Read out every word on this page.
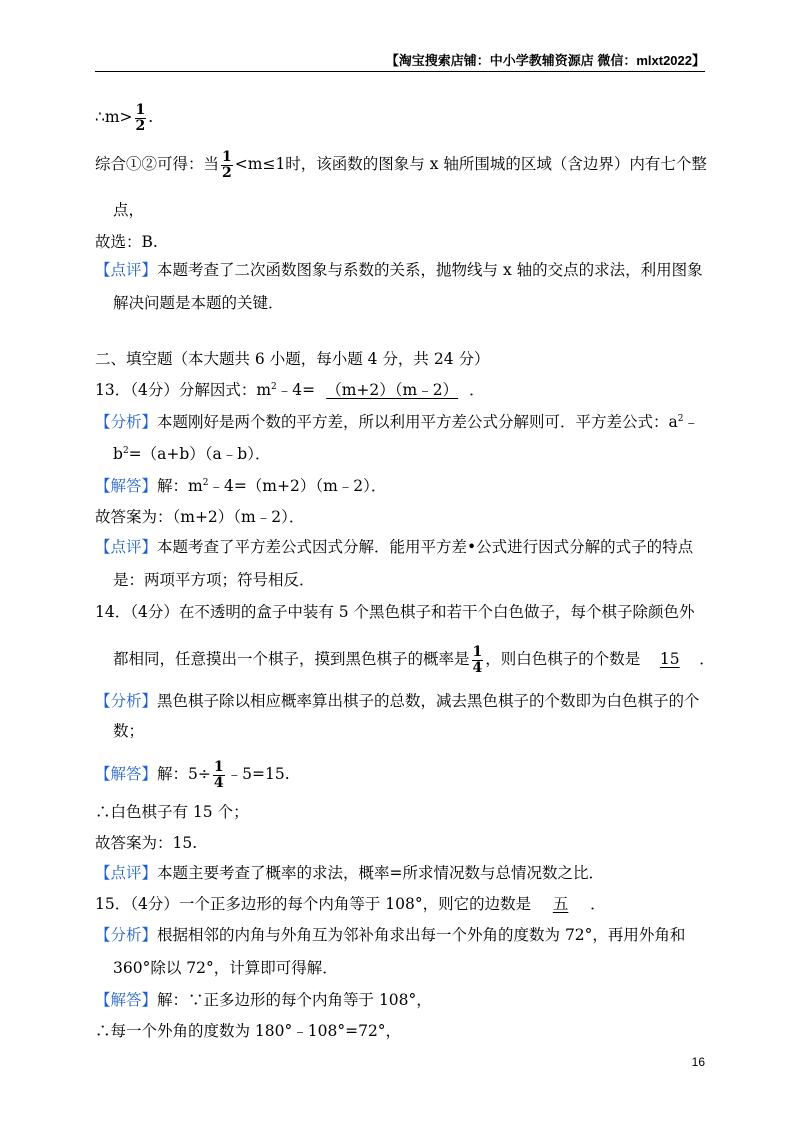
【淘宝搜索店铺：中小学教辅资源店 微信：mlxt2022】
∴m> $\frac{1}{2}$ .
综合①②可得：当 $\frac{1}{2} <m\le 1$时，该函数的图象与 x 轴所围城的区域（含边界）内有七个整
点，
故选：B.
【点评】本题考查了二次函数图象与系数的关系，抛物线与 x 轴的交点的求法，利用图象
解决问题是本题的关键．
二、填空题（本大题共 6 小题，每小题 4 分，共 24 分）
13．（4分）分解因式：$m^2﹣4=$ （m+2）（m﹣2） ．
【分析】本题刚好是两个数的平方差，所以利用平方差公式分解则可．平方差公式：$a^2﹣$
$b^2=(a+b)(a﹣b)$．
【解答】解：$m^2﹣4=(m+2)(m﹣2)$．
故答案为：（m+2）（m﹣2）．
【点评】本题考查了平方差公式因式分解．能用平方差•公式进行因式分解的式子的特点
是：两项平方项；符号相反．
14．（4分）在不透明的盒子中装有 5 个黑色棋子和若干个白色做子，每个棋子除颜色外
都相同，任意摸出一个棋子，摸到黑色棋子的概率是 $\frac{1}{4}$ ，则白色棋子的个数是 15 ．
【分析】黑色棋子除以相应概率算出棋子的总数，减去黑色棋子的个数即为白色棋子的个
数；
【解答】解：$5\div \frac{1}{4}$ ﹣5=15.
∴白色棋子有 15 个；
故答案为：15.
【点评】本题主要考查了概率的求法，概率=所求情况数与总情况数之比．
15．（4分）一个正多边形的每个内角等于 108°，则它的边数是 五 ．
【分析】根据相邻的内角与外角互为邻补角求出每一个外角的度数为 72°，再用外角和
360°除以 72°，计算即可得解．
【解答】解：∵正多边形的每个内角等于 108°，
∴每一个外角的度数为 180°﹣108°=72°，
16
